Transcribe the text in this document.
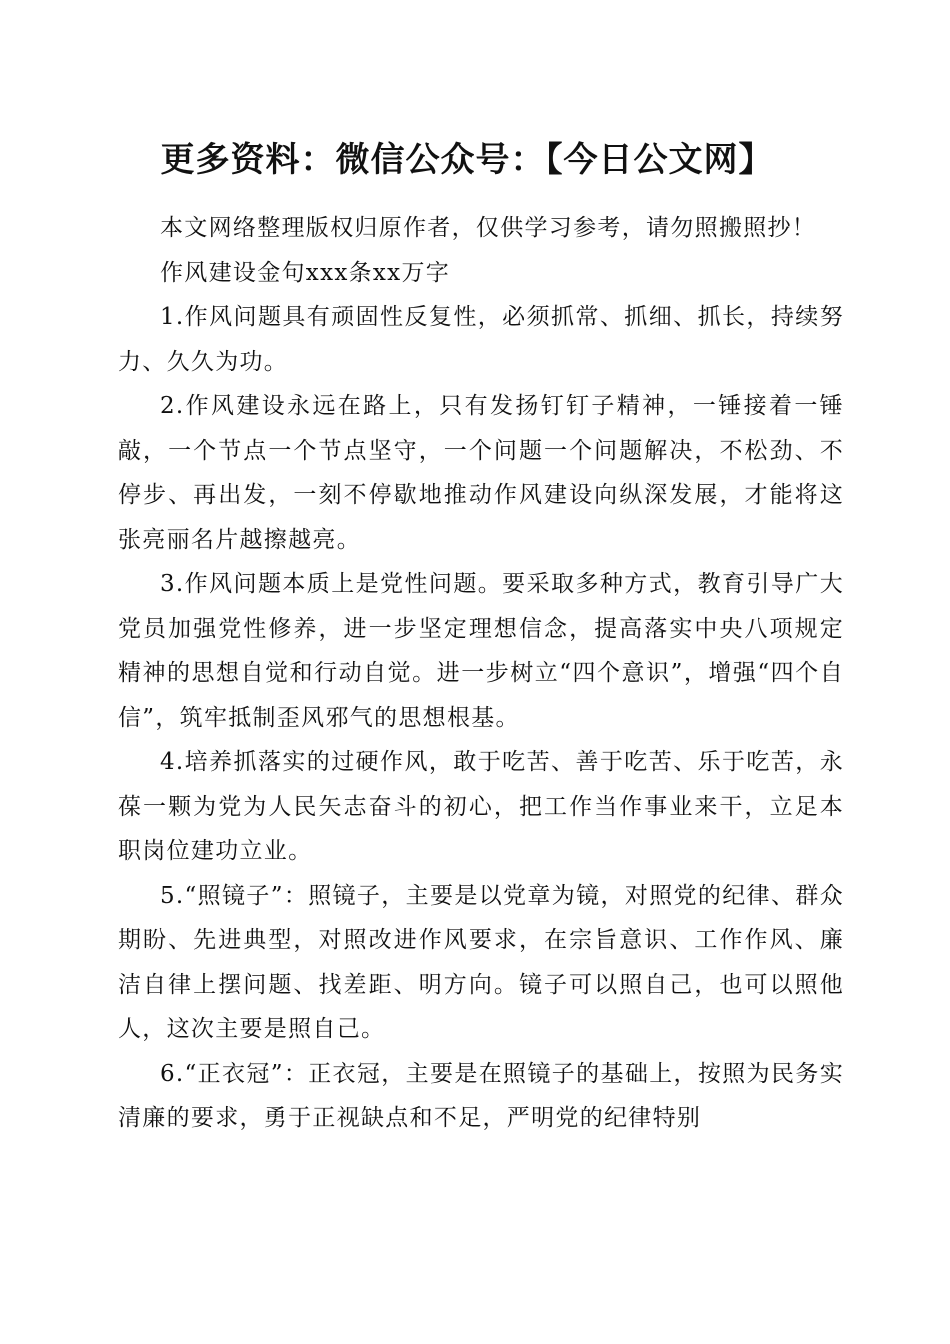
更多资料：微信公众号：【今日公文网】

本文网络整理版权归原作者，仅供学习参考，请勿照搬照抄！

作风建设金句xxx条xx万字

1.作风问题具有顽固性反复性，必须抓常、抓细、抓长，持续努力、久久为功。

2.作风建设永远在路上，只有发扬钉钉子精神，一锤接着一锤敲，一个节点一个节点坚守，一个问题一个问题解决，不松劲、不停步、再出发，一刻不停歇地推动作风建设向纵深发展，才能将这张亮丽名片越擦越亮。

3.作风问题本质上是党性问题。要采取多种方式，教育引导广大党员加强党性修养，进一步坚定理想信念，提高落实中央八项规定精神的思想自觉和行动自觉。进一步树立“四个意识”，增强“四个自信”，筑牢抵制歪风邪气的思想根基。

4.培养抓落实的过硬作风，敢于吃苦、善于吃苦、乐于吃苦，永葆一颗为党为人民矢志奋斗的初心，把工作当作事业来干，立足本职岗位建功立业。

5.“照镜子”：照镜子，主要是以党章为镜，对照党的纪律、群众期盼、先进典型，对照改进作风要求，在宗旨意识、工作作风、廉洁自律上摆问题、找差距、明方向。镜子可以照自己，也可以照他人，这次主要是照自己。

6.“正衣冠”：正衣冠，主要是在照镜子的基础上，按照为民务实清廉的要求，勇于正视缺点和不足，严明党的纪律特别
